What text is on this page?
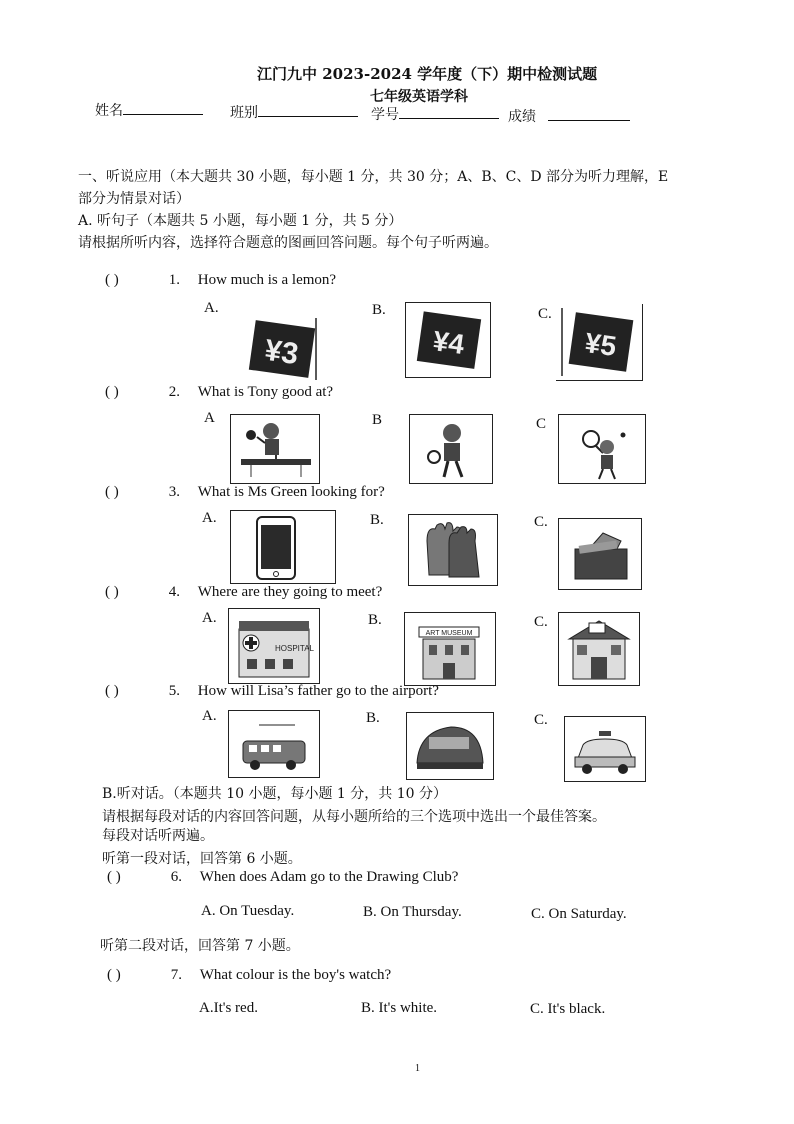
江门九中 2023-2024 学年度（下）期中检测试题
七年级英语学科
姓名	班别	学号	成绩
一、听说应用（本大题共 30 小题，每小题 1 分，共 30 分；A、B、C、D 部分为听力理解，E
部分为情景对话）
A. 听句子（本题共 5 小题，每小题 1 分，共 5 分）
请根据所听内容，选择符合题意的图画回答问题。每个句子听两遍。
( )	1. How much is a lemon?
A.	B.	C.
¥3	¥4	¥5
( )	2. What is Tony good at?
A	B	C
( )	3. What is Ms Green looking for?
A.	B.	C.
( )	4. Where are they going to meet?
A.	B.	C.
HOSPITAL
ART MUSEUM
( )	5. How will Lisa’s father go to the airport?
A.	B.	C.
B.听对话。（本题共 10 小题，每小题 1 分，共 10 分）
请根据每段对话的内容回答问题，从每小题所给的三个选项中选出一个最佳答案。
每段对话听两遍。
听第一段对话，回答第 6 小题。
( )	6. When does Adam go to the Drawing Club?
A. On Tuesday.	B. On Thursday.	C. On Saturday.
听第二段对话，回答第 7 小题。
( )	7. What colour is the boy's watch?
A.It's red.	B. It's white.	C. It's black.
1
